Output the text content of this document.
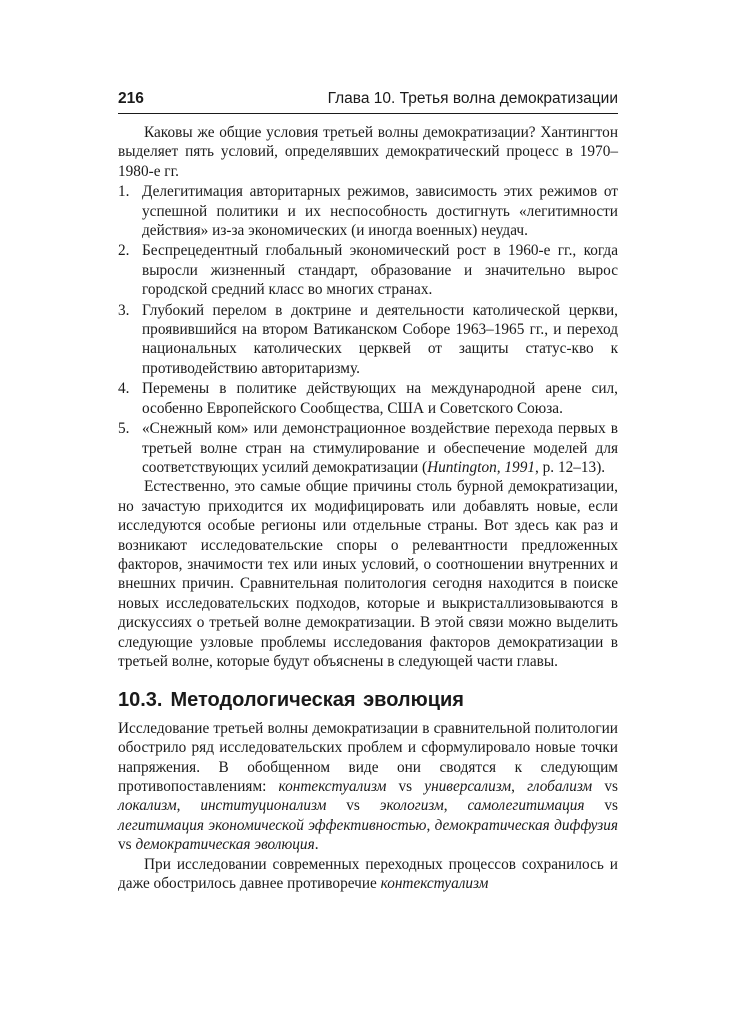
216	Глава 10. Третья волна демократизации

Каковы же общие условия третьей волны демократизации? Хантингтон выделяет пять условий, определявших демократический процесс в 1970–1980-е гг.

1. Делегитимация авторитарных режимов, зависимость этих режимов от успешной политики и их неспособность достигнуть «легитимности действия» из-за экономических (и иногда военных) неудач.
2. Беспрецедентный глобальный экономический рост в 1960-е гг., когда выросли жизненный стандарт, образование и значительно вырос городской средний класс во многих странах.
3. Глубокий перелом в доктрине и деятельности католической церкви, проявившийся на втором Ватиканском Соборе 1963–1965 гг., и переход национальных католических церквей от защиты статус-кво к противодействию авторитаризму.
4. Перемены в политике действующих на международной арене сил, особенно Европейского Сообщества, США и Советского Союза.
5. «Снежный ком» или демонстрационное воздействие перехода первых в третьей волне стран на стимулирование и обеспечение моделей для соответствующих усилий демократизации (Huntington, 1991, p. 12–13).

Естественно, это самые общие причины столь бурной демократизации, но зачастую приходится их модифицировать или добавлять новые, если исследуются особые регионы или отдельные страны. Вот здесь как раз и возникают исследовательские споры о релевантности предложенных факторов, значимости тех или иных условий, о соотношении внутренних и внешних причин. Сравнительная политология сегодня находится в поиске новых исследовательских подходов, которые и выкристаллизовываются в дискуссиях о третьей волне демократизации. В этой связи можно выделить следующие узловые проблемы исследования факторов демократизации в третьей волне, которые будут объяснены в следующей части главы.

10.3. Методологическая эволюция

Исследование третьей волны демократизации в сравнительной политологии обострило ряд исследовательских проблем и сформулировало новые точки напряжения. В обобщенном виде они сводятся к следующим противопоставлениям: контекстуализм vs универсализм, глобализм vs локализм, институционализм vs экологизм, самолегитимация vs легитимация экономической эффективностью, демократическая диффузия vs демократическая эволюция.

При исследовании современных переходных процессов сохранилось и даже обострилось давнее противоречие контекстуализм
